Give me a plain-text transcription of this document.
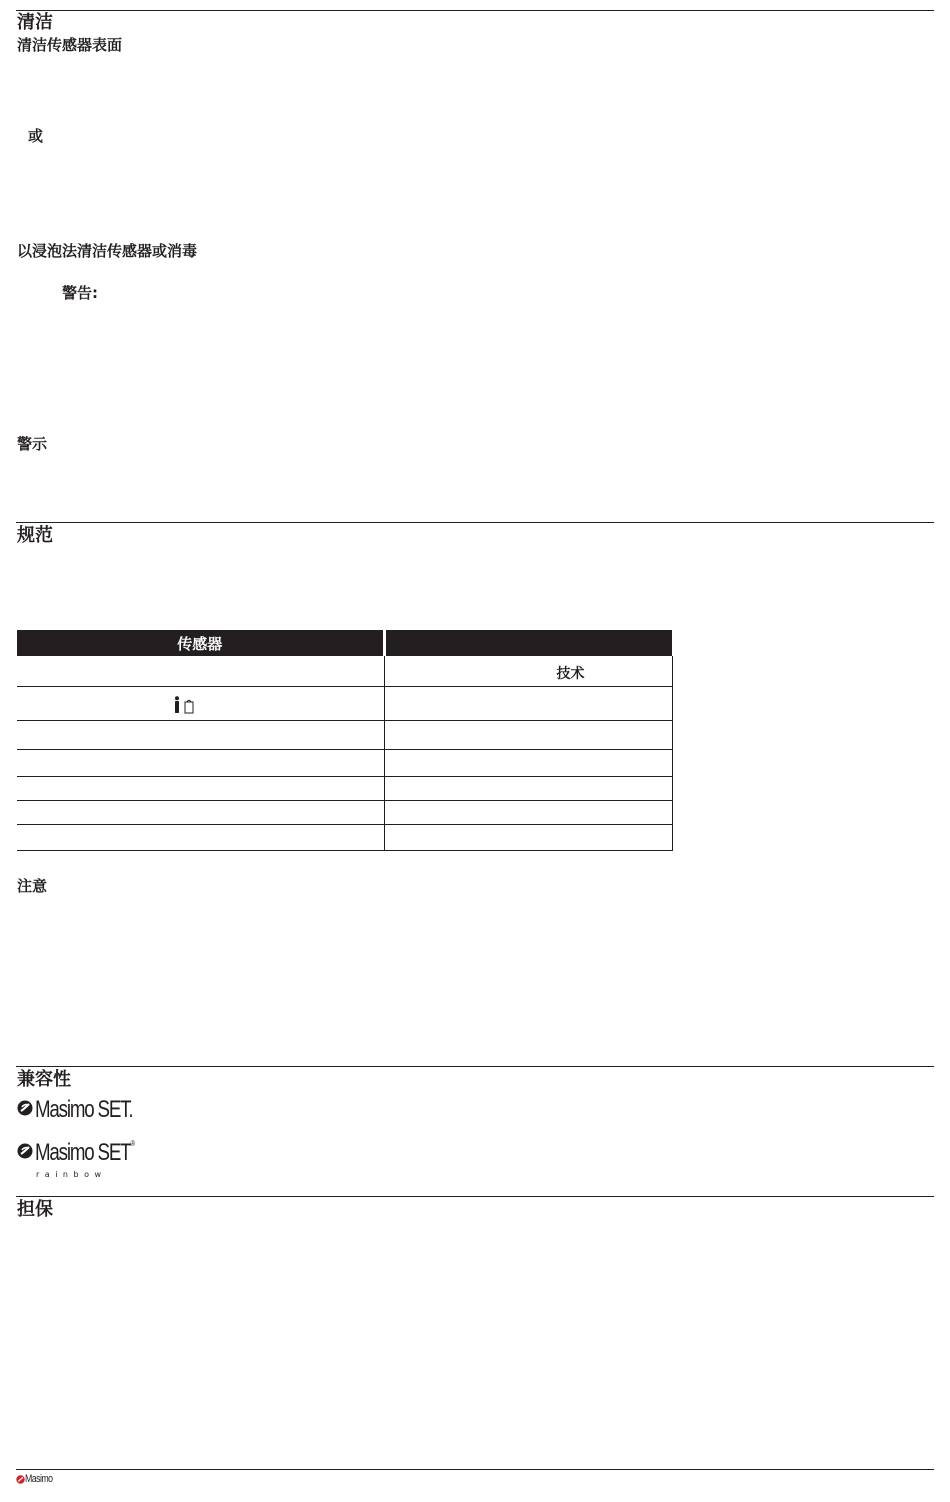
清洁
清洁传感器表面
或
以浸泡法清洁传感器或消毒
警告:
警示
规范
传感器	

	技术

注意
兼容性
Masimo SET.
Masimo SET®
rainbow
担保
Masimo
